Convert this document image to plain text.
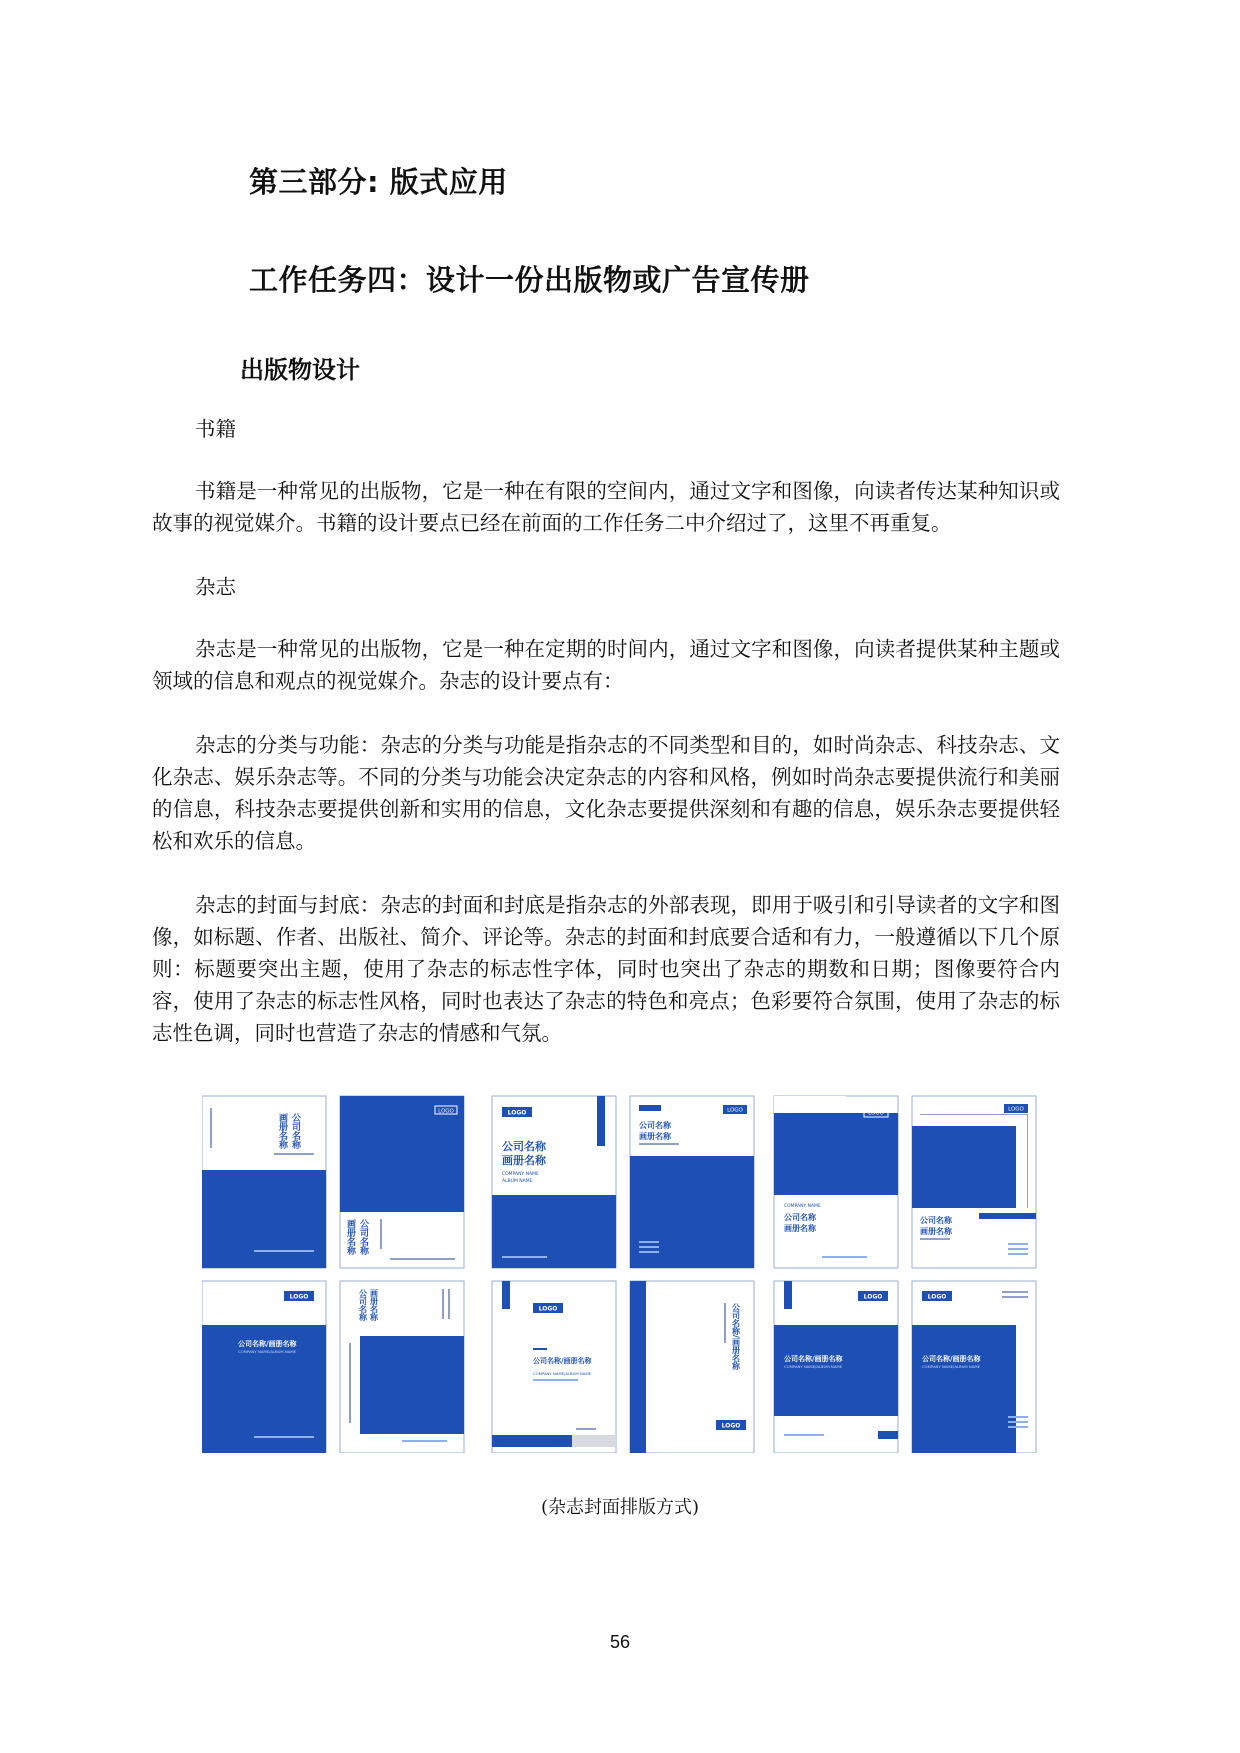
第三部分: 版式应用
工作任务四：设计一份出版物或广告宣传册
出版物设计

书籍

书籍是一种常见的出版物，它是一种在有限的空间内，通过文字和图像，向读者传达某种知识或故事的视觉媒介。书籍的设计要点已经在前面的工作任务二中介绍过了，这里不再重复。

杂志

杂志是一种常见的出版物，它是一种在定期的时间内，通过文字和图像，向读者提供某种主题或领域的信息和观点的视觉媒介。杂志的设计要点有：

杂志的分类与功能：杂志的分类与功能是指杂志的不同类型和目的，如时尚杂志、科技杂志、文化杂志、娱乐杂志等。不同的分类与功能会决定杂志的内容和风格，例如时尚杂志要提供流行和美丽的信息，科技杂志要提供创新和实用的信息，文化杂志要提供深刻和有趣的信息，娱乐杂志要提供轻松和欢乐的信息。

杂志的封面与封底：杂志的封面和封底是指杂志的外部表现，即用于吸引和引导读者的文字和图像，如标题、作者、出版社、简介、评论等。杂志的封面和封底要合适和有力，一般遵循以下几个原则：标题要突出主题，使用了杂志的标志性字体，同时也突出了杂志的期数和日期；图像要符合内容，使用了杂志的标志性风格，同时也表达了杂志的特色和亮点；色彩要符合氛围，使用了杂志的标志性色调，同时也营造了杂志的情感和气氛。

公司名称
画册名称
LOGO
画册名称 公司名称
LOGO
公司名称
画册名称
COMPANY NAME
ALBUM NAME
LOGO
公司名称
画册名称
LOGO
COMPANY NAME
公司名称
画册名称
LOGO
公司名称
画册名称
LOGO
公司名称/画册名称
COMPANY NAME/ALBUM NAME
公司名称 画册名称	LOGO
公司名称/画册名称
COMPANY NAME/ALBUM NAME
公司名称/画册名称
LOGO
LOGO
公司名称/画册名称
COMPANY NAME/ALBUM NAME
LOGO
公司名称/画册名称
COMPANY NAME/ALBUM NAME

(杂志封面排版方式)

56
